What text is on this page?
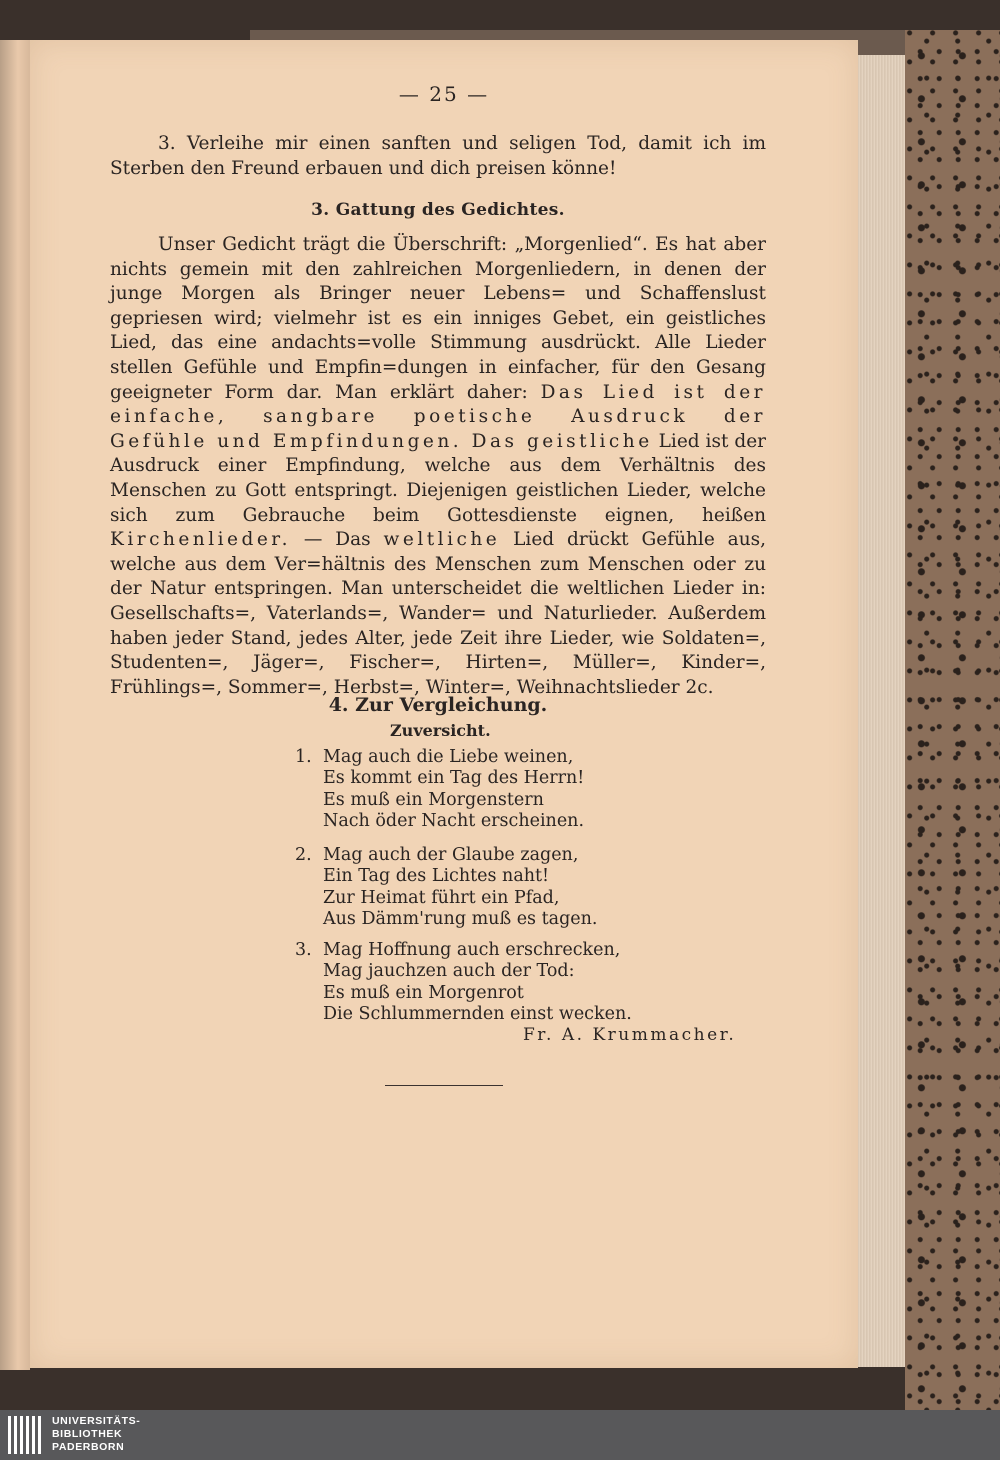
— 25 —

3. Verleihe mir einen sanften und seligen Tod, damit ich im Sterben den Freund erbauen und dich preisen könne!

3. Gattung des Gedichtes.

Unser Gedicht trägt die Überschrift: „Morgenlied“. Es hat aber nichts gemein mit den zahlreichen Morgenliedern, in denen der junge Morgen als Bringer neuer Lebens= und Schaffenslust gepriesen wird; vielmehr ist es ein inniges Gebet, ein geistliches Lied, das eine andachts=volle Stimmung ausdrückt. Alle Lieder stellen Gefühle und Empfin=dungen in einfacher, für den Gesang geeigneter Form dar. Man erklärt daher: Das Lied ist der einfache, sangbare poetische Ausdruck der Gefühle und Empfindungen. Das geistliche Lied ist der Ausdruck einer Empfindung, welche aus dem Verhältnis des Menschen zu Gott entspringt. Diejenigen geistlichen Lieder, welche sich zum Gebrauche beim Gottesdienste eignen, heißen Kirchenlieder. — Das weltliche Lied drückt Gefühle aus, welche aus dem Ver=hältnis des Menschen zum Menschen oder zu der Natur entspringen. Man unterscheidet die weltlichen Lieder in: Gesellschafts=, Vaterlands=, Wander= und Naturlieder. Außerdem haben jeder Stand, jedes Alter, jede Zeit ihre Lieder, wie Soldaten=, Studenten=, Jäger=, Fischer=, Hirten=, Müller=, Kinder=, Frühlings=, Sommer=, Herbst=, Winter=, Weihnachtslieder 2c.

4. Zur Vergleichung.
Zuversicht.
1. Mag auch die Liebe weinen,
Es kommt ein Tag des Herrn!
Es muß ein Morgenstern
Nach öder Nacht erscheinen.
2. Mag auch der Glaube zagen,
Ein Tag des Lichtes naht!
Zur Heimat führt ein Pfad,
Aus Dämm'rung muß es tagen.
3. Mag Hoffnung auch erschrecken,
Mag jauchzen auch der Tod:
Es muß ein Morgenrot
Die Schlummernden einst wecken.
Fr. A. Krummacher.
UNIVERSITÄTS-
BIBLIOTHEK
PADERBORN
